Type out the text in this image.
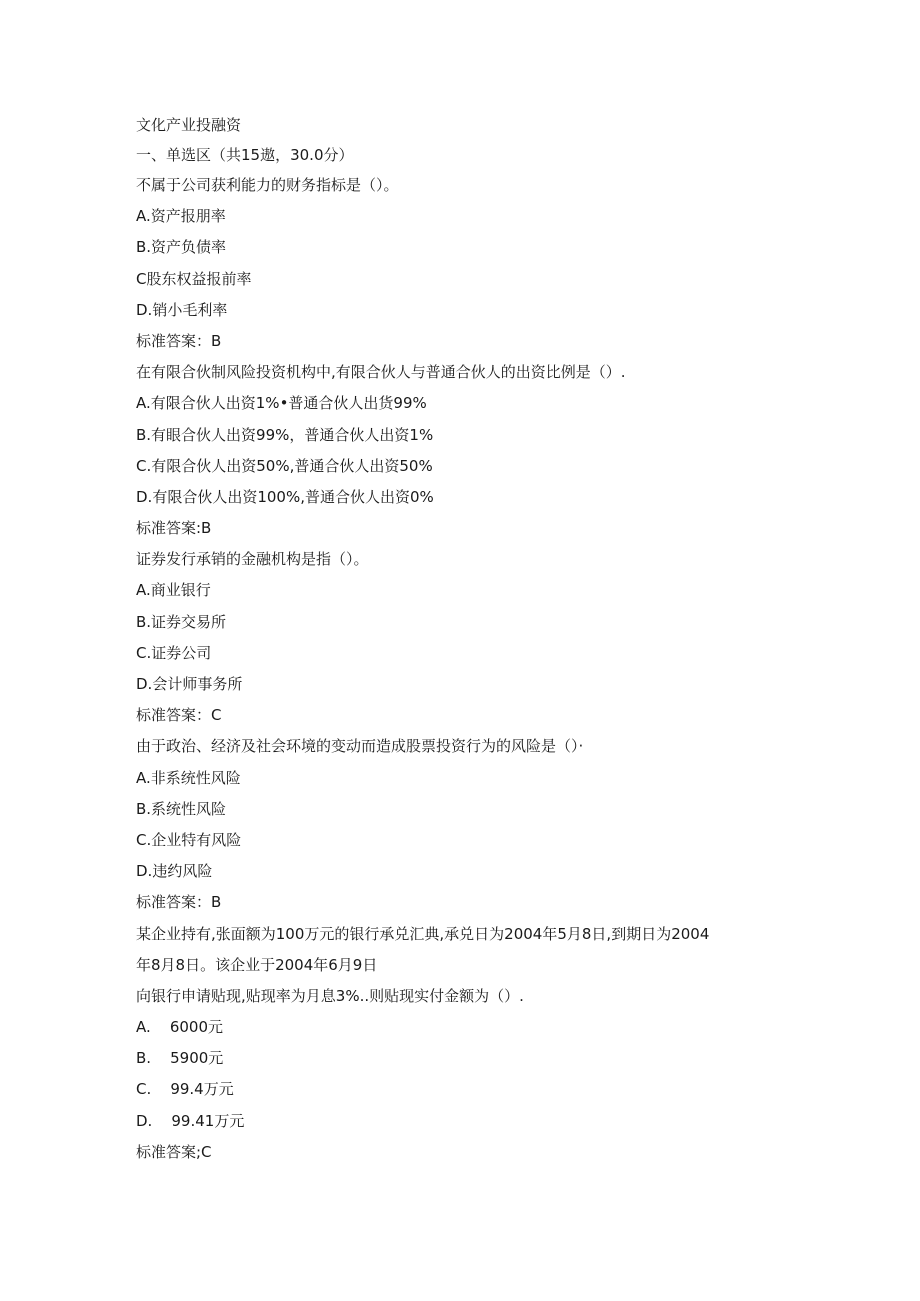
文化产业投融资
一、单选区（共15遨，30.0分）
不属于公司获利能力的财务指标是（）。
A.资产报朋率
B.资产负债率
C股东权益报前率
D.销小毛利率
标准答案：B
在有限合伙制风险投资机构中,有限合伙人与普通合伙人的出资比例是（）.
A.有限合伙人出资1%•普通合伙人出货99%
B.有眼合伙人出资99%，普通合伙人出资1%
C.有限合伙人出资50%,普通合伙人出资50%
D.有限合伙人出资100%,普通合伙人出资0%
标准答案:B
证券发行承销的金融机构是指（）。
A.商业银行
B.证券交易所
C.证券公司
D.会计师事务所
标准答案：C
由于政治、经济及社会环境的变动而造成股票投资行为的风险是（）·
A.非系统性风险
B.系统性风险
C.企业特有风险
D.违约风险
标准答案：B
某企业持有,张面额为100万元的银行承兑汇典,承兑日为2004年5月8日,到期日为2004
年8月8日。该企业于2004年6月9日
向银行申请贴现,贴现率为月息3%..则贴现实付金额为（）.
A.    6000元
B.    5900元
C.    99.4万元
D.    99.41万元
标准答案;C
